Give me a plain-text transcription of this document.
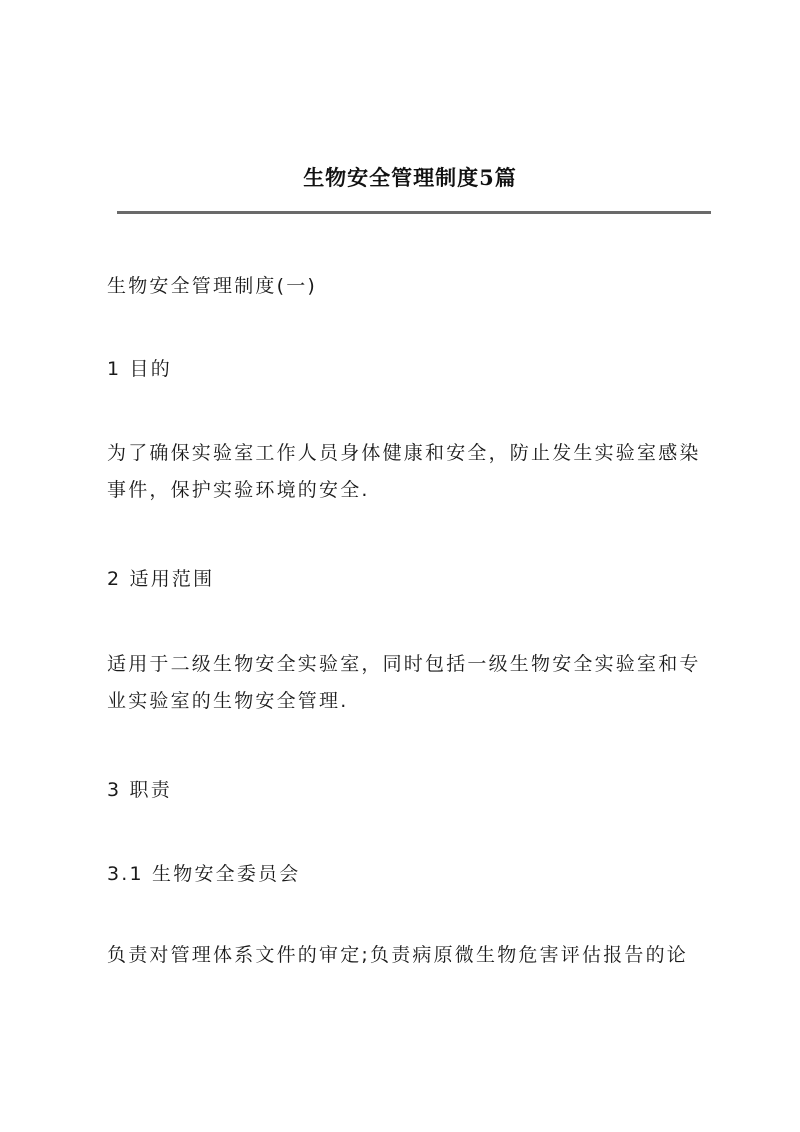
生物安全管理制度5篇
生物安全管理制度(一)
1 目的
为了确保实验室工作人员身体健康和安全，防止发生实验室感染事件，保护实验环境的安全.
2 适用范围
适用于二级生物安全实验室，同时包括一级生物安全实验室和专业实验室的生物安全管理.
3 职责
3.1 生物安全委员会
负责对管理体系文件的审定;负责病原微生物危害评估报告的论
